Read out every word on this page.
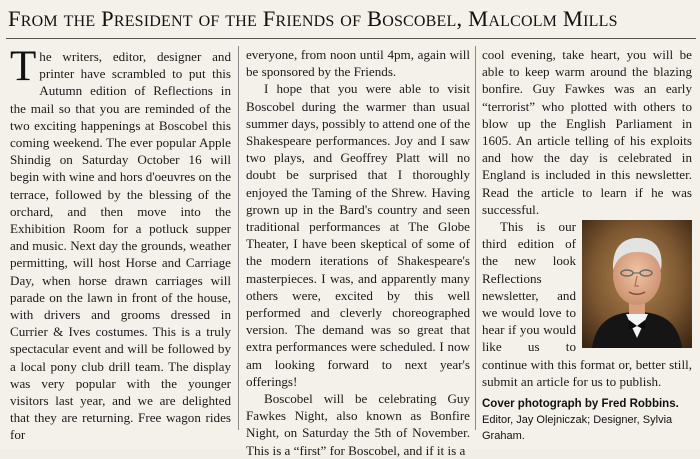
From the President of the Friends of Boscobel, Malcolm Mills

The writers, editor, designer and printer have scrambled to put this Autumn edition of Reflections in the mail so that you are reminded of the two exciting happenings at Boscobel this coming weekend. The ever popular Apple Shindig on Saturday October 16 will begin with wine and hors d'oeuvres on the terrace, followed by the blessing of the orchard, and then move into the Exhibition Room for a potluck supper and music. Next day the grounds, weather permitting, will host Horse and Carriage Day, when horse drawn carriages will parade on the lawn in front of the house, with drivers and grooms dressed in Currier & Ives costumes. This is a truly spectacular event and will be followed by a local pony club drill team. The display was very popular with the younger visitors last year, and we are delighted that they are returning. Free wagon rides for

everyone, from noon until 4pm, again will be sponsored by the Friends.

I hope that you were able to visit Boscobel during the warmer than usual summer days, possibly to attend one of the Shakespeare performances. Joy and I saw two plays, and Geoffrey Platt will no doubt be surprised that I thoroughly enjoyed the Taming of the Shrew. Having grown up in the Bard's country and seen traditional performances at The Globe Theater, I have been skeptical of some of the modern iterations of Shakespeare's masterpieces. I was, and apparently many others were, excited by this well performed and cleverly choreographed version. The demand was so great that extra performances were scheduled. I now am looking forward to next year's offerings!

Boscobel will be celebrating Guy Fawkes Night, also known as Bonfire Night, on Saturday the 5th of November. This is a “first” for Boscobel, and if it is a

cool evening, take heart, you will be able to keep warm around the blazing bonfire. Guy Fawkes was an early “terrorist” who plotted with others to blow up the English Parliament in 1605. An article telling of his exploits and how the day is celebrated in England is included in this newsletter. Read the article to learn if he was successful.

This is our third edition of the new look Reflections newsletter, and we would love to hear if you would like us to continue with this format or, better still, submit an article for us to publish.

Cover photograph by Fred Robbins.
Editor, Jay Olejniczak; Designer, Sylvia Graham.
